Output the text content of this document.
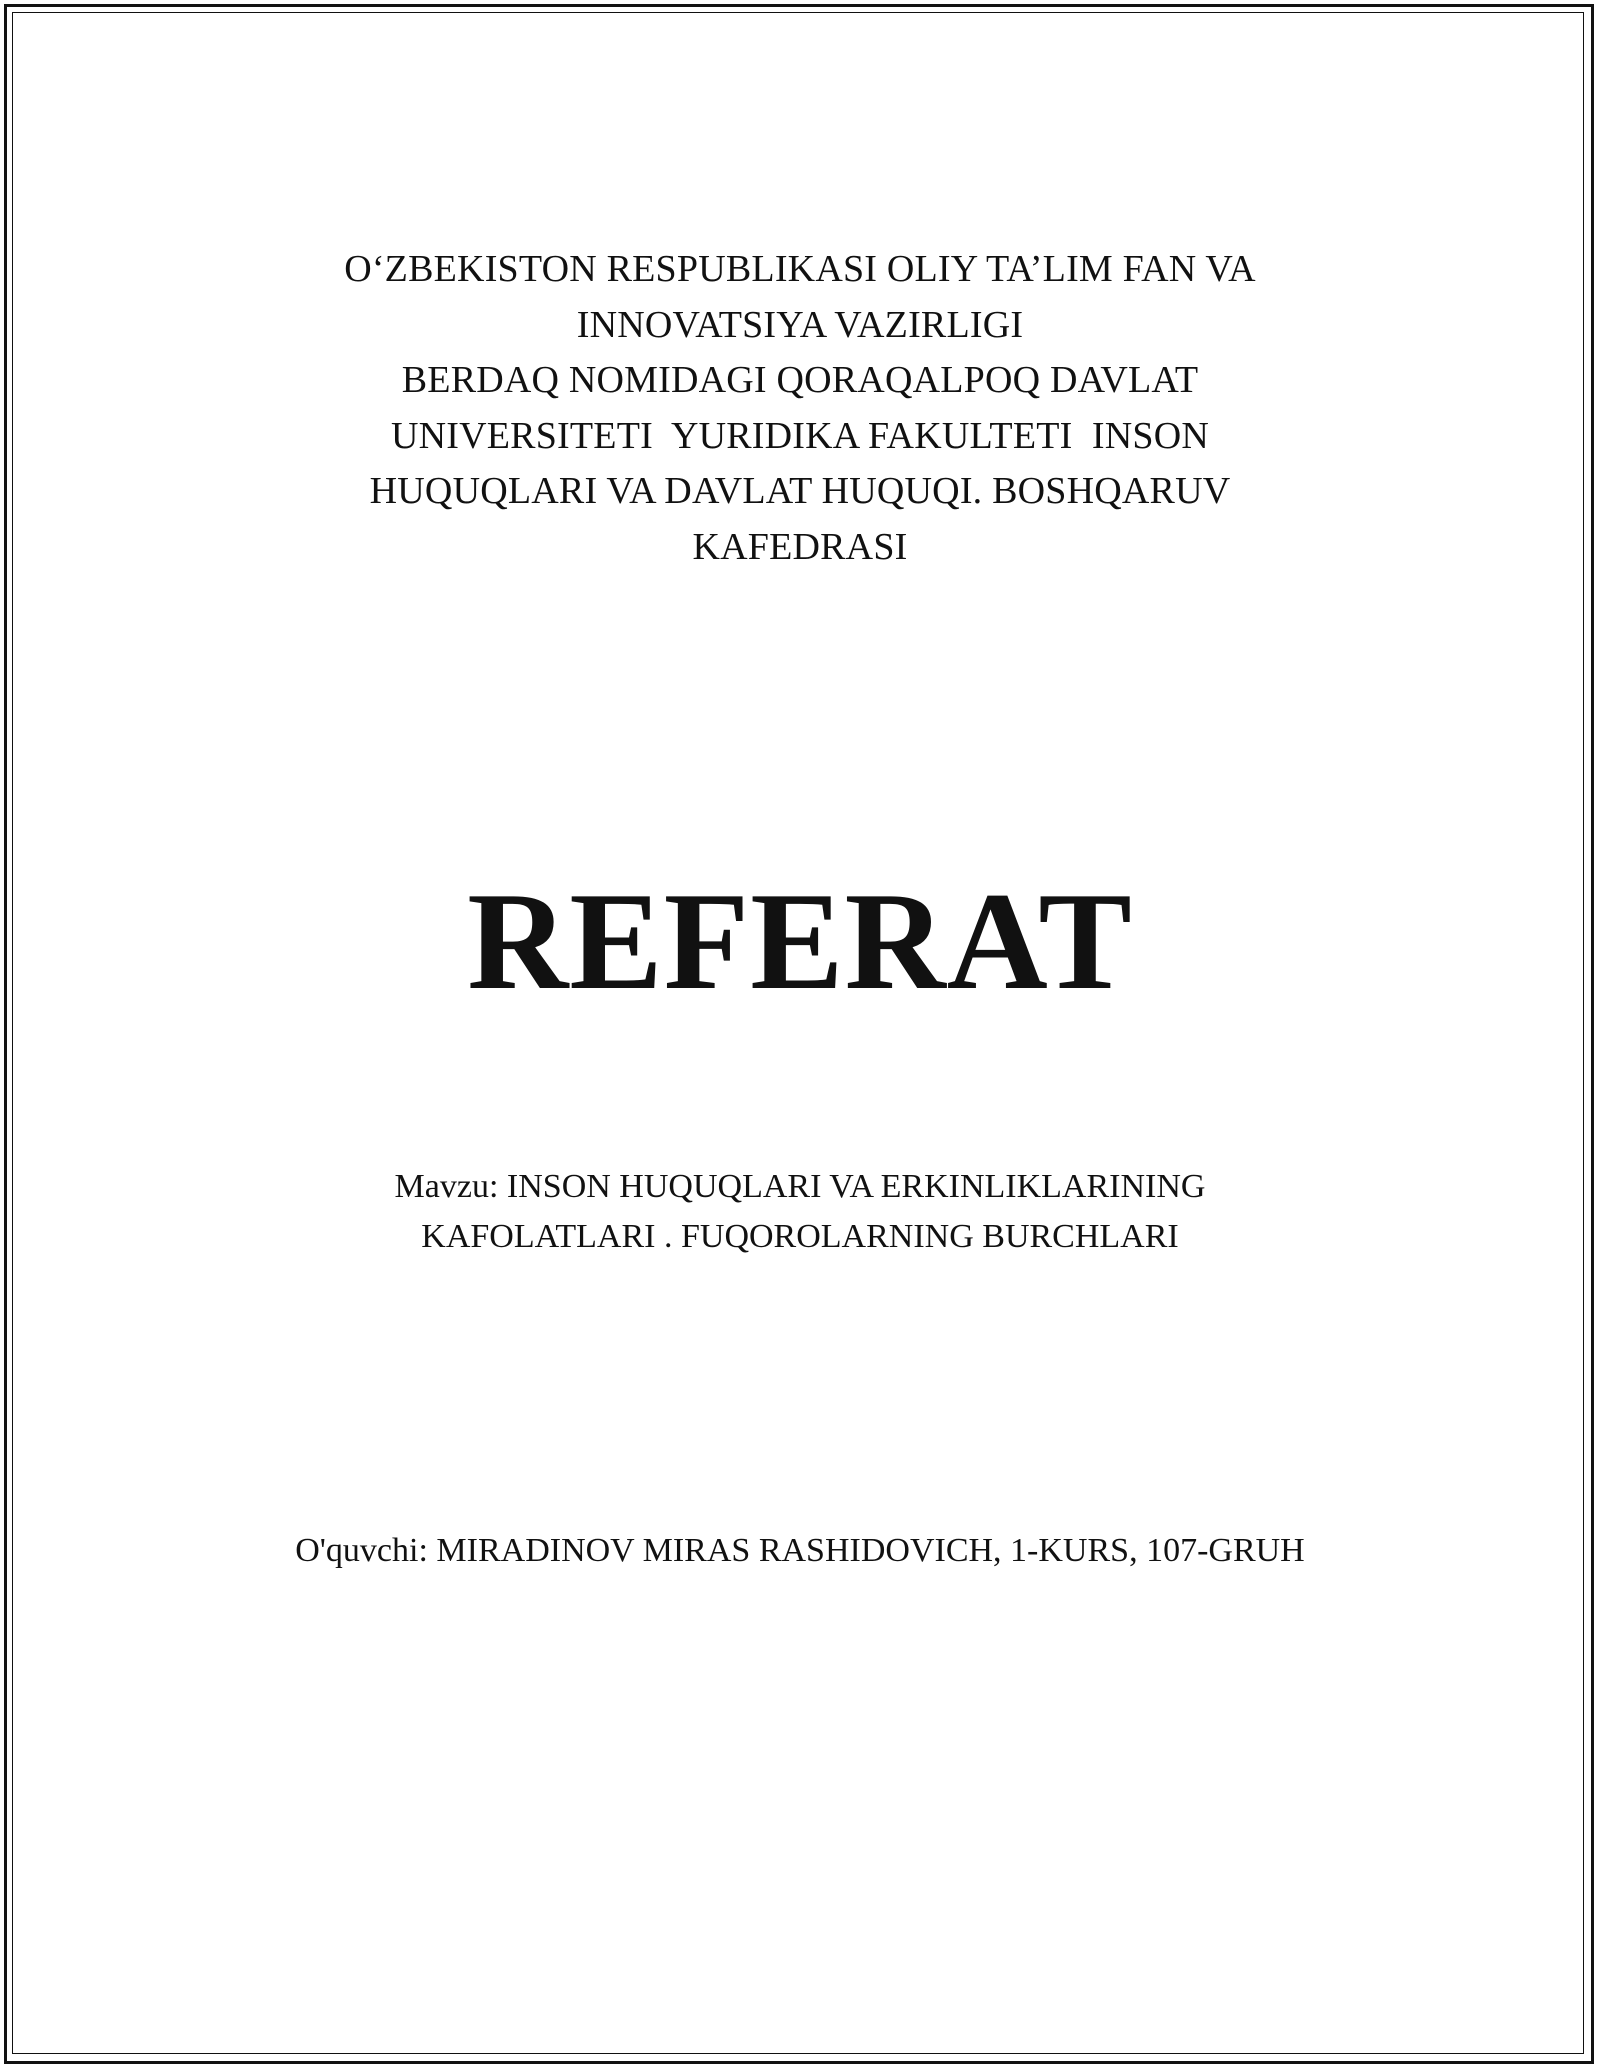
O‘ZBEKISTON RESPUBLIKASI OLIY TA’LIM FAN VA
INNOVATSIYA VAZIRLIGI
BERDAQ NOMIDAGI QORAQALPOQ DAVLAT
UNIVERSITETI  YURIDIKA FAKULTETI  INSON
HUQUQLARI VA DAVLAT HUQUQI. BOSHQARUV
KAFEDRASI
REFERAT
Mavzu: INSON HUQUQLARI VA ERKINLIKLARINING
KAFOLATLARI . FUQOROLARNING BURCHLARI
O'quvchi: MIRADINOV MIRAS RASHIDOVICH, 1-KURS, 107-GRUH
